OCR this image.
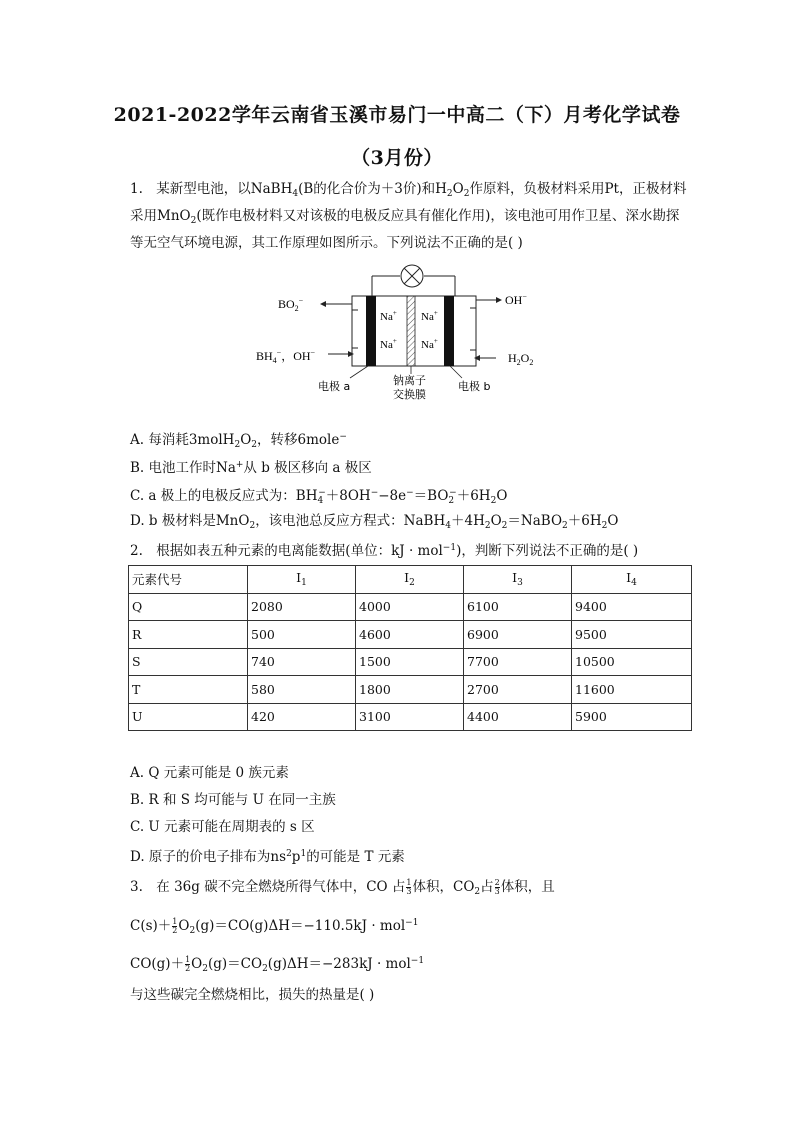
2021-2022学年云南省玉溪市易门一中高二（下）月考化学试卷
（3月份）
1. 某新型电池，以NaBH$_4$(B的化合价为＋3价)和$H_2O_2$作原料，负极材料采用Pt，正极材料
采用MnO$_2$(既作电极材料又对该极的电极反应具有催化作用)，该电池可用作卫星、深水勘探
等无空气环境电源，其工作原理如图所示。下列说法不正确的是( )
$BO_2^-$
$BH_4^-$，OH−
OH−
$H_2O_2$
Na+
Na+
Na+
Na+
电极 a	钠离子
交换膜
电极 b
A. 每消耗$3molH_2O_2$，转移6mole−
B. 电池工作时Na+从 b 极区移向 a 极区
C. a 极上的电极反应式为：$BH_4^-+8OH^--8e^-=BO_2^-+6H_2O$
D. b 极材料是MnO$_2$，该电池总反应方程式：$NaBH_4+4H_2O_2=NaBO_2+6H_2O$
2. 根据如表五种元素的电离能数据(单位：kJ · mol$^{-1}$)，判断下列说法不正确的是( )
元素代号	$I_1$	$I_2$	$I_3$	$I_4$
Q	2080	4000	6100	9400
R	500	4600	6900	9500
S	740	1500	7700	10500
T	580	1800	2700	11600
U	420	3100	4400	5900
A. Q 元素可能是 0 族元素
B. R 和 S 均可能与 U 在同一主族
C. U 元素可能在周期表的 s 区
D. 原子的价电子排布为$ns^2p^1$的可能是 T 元素
3. 在 36g 碳不完全燃烧所得气体中，CO 占 $\frac{1}{3}$ 体积，$CO_2$占 $\frac{2}{3}$ 体积，且
$C(s)+ \frac{1}{2} O_2(g)=CO(g)\Delta H=-110.5kJ \cdot mol^{-1}$
$CO(g)+ \frac{1}{2} O_2(g)=CO_2(g)\Delta H=-283kJ \cdot mol^{-1}$
与这些碳完全燃烧相比，损失的热量是( )
